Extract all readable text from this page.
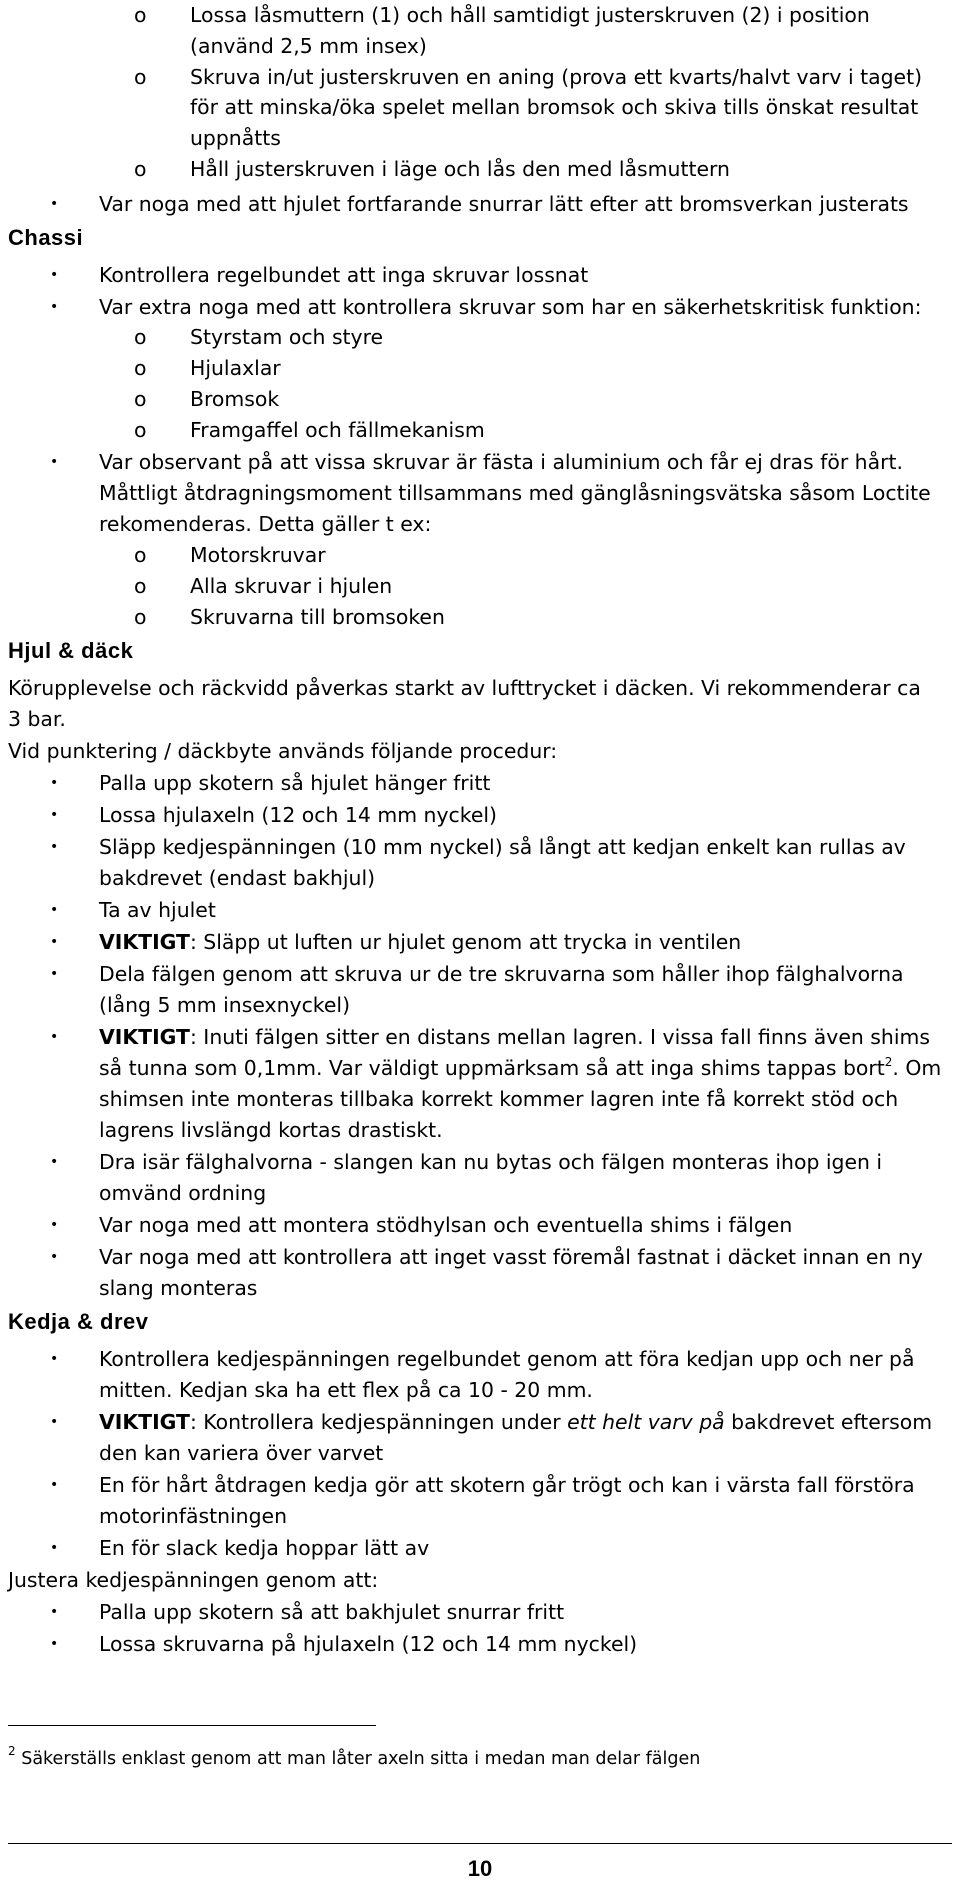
o Lossa låsmuttern (1) och håll samtidigt justerskruven (2) i position
(använd 2,5 mm insex)
o Skruva in/ut justerskruven en aning (prova ett kvarts/halvt varv i taget)
för att minska/öka spelet mellan bromsok och skiva tills önskat resultat
uppnåtts
o Håll justerskruven i läge och lås den med låsmuttern
• Var noga med att hjulet fortfarande snurrar lätt efter att bromsverkan justerats
Chassi
• Kontrollera regelbundet att inga skruvar lossnat
• Var extra noga med att kontrollera skruvar som har en säkerhetskritisk funktion:
o Styrstam och styre
o Hjulaxlar
o Bromsok
o Framgaffel och fällmekanism
• Var observant på att vissa skruvar är fästa i aluminium och får ej dras för hårt.
Måttligt åtdragningsmoment tillsammans med gänglåsningsvätska såsom Loctite
rekomenderas. Detta gäller t ex:
o Motorskruvar
o Alla skruvar i hjulen
o Skruvarna till bromsoken
Hjul & däck
Körupplevelse och räckvidd påverkas starkt av lufttrycket i däcken. Vi rekommenderar ca
3 bar.
Vid punktering / däckbyte används följande procedur:
• Palla upp skotern så hjulet hänger fritt
• Lossa hjulaxeln (12 och 14 mm nyckel)
• Släpp kedjespänningen (10 mm nyckel) så långt att kedjan enkelt kan rullas av
bakdrevet (endast bakhjul)
• Ta av hjulet
• VIKTIGT: Släpp ut luften ur hjulet genom att trycka in ventilen
• Dela fälgen genom att skruva ur de tre skruvarna som håller ihop fälghalvorna
(lång 5 mm insexnyckel)
• VIKTIGT: Inuti fälgen sitter en distans mellan lagren. I vissa fall finns även shims
så tunna som 0,1mm. Var väldigt uppmärksam så att inga shims tappas bort$^2$. Om
shimsen inte monteras tillbaka korrekt kommer lagren inte få korrekt stöd och
lagrens livslängd kortas drastiskt.
• Dra isär fälghalvorna - slangen kan nu bytas och fälgen monteras ihop igen i
omvänd ordning
• Var noga med att montera stödhylsan och eventuella shims i fälgen
• Var noga med att kontrollera att inget vasst föremål fastnat i däcket innan en ny
slang monteras
Kedja & drev
• Kontrollera kedjespänningen regelbundet genom att föra kedjan upp och ner på
mitten. Kedjan ska ha ett flex på ca 10 - 20 mm.
• VIKTIGT: Kontrollera kedjespänningen under ett helt varv på bakdrevet eftersom
den kan variera över varvet
• En för hårt åtdragen kedja gör att skotern går trögt och kan i värsta fall förstöra
motorinfästningen
• En för slack kedja hoppar lätt av
Justera kedjespänningen genom att:
• Palla upp skotern så att bakhjulet snurrar fritt
• Lossa skruvarna på hjulaxeln (12 och 14 mm nyckel)
$^2$ Säkerställs enklast genom att man låter axeln sitta i medan man delar fälgen
10
